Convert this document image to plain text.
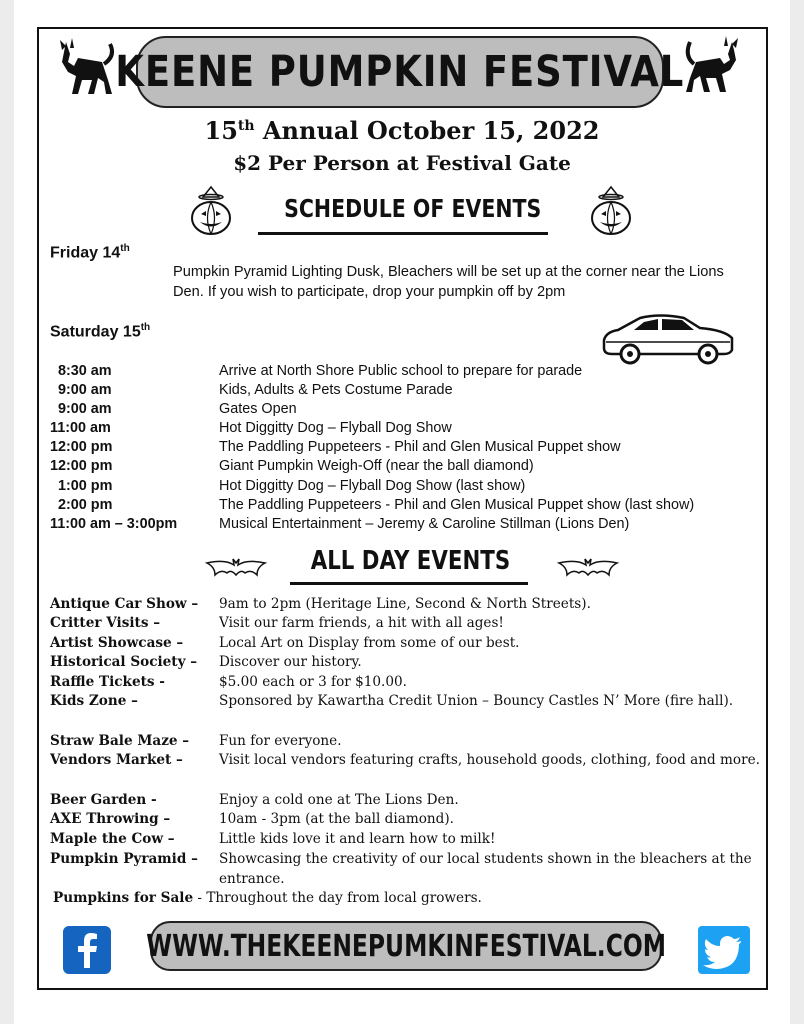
KEENE PUMPKIN FESTIVAL
15th Annual October 15, 2022
$2 Per Person at Festival Gate
SCHEDULE OF EVENTS
Friday 14th
Pumpkin Pyramid Lighting Dusk, Bleachers will be set up at the corner near the Lions Den. If you wish to participate, drop your pumpkin off by 2pm
Saturday 15th
8:30 am	Arrive at North Shore Public school to prepare for parade
9:00 am	Kids, Adults & Pets Costume Parade
9:00 am	Gates Open
11:00 am	Hot Diggitty Dog – Flyball Dog Show
12:00 pm	The Paddling Puppeteers - Phil and Glen Musical Puppet show
12:00 pm	Giant Pumpkin Weigh-Off (near the ball diamond)
1:00 pm	Hot Diggitty Dog – Flyball Dog Show (last show)
2:00 pm	The Paddling Puppeteers - Phil and Glen Musical Puppet show (last show)
11:00 am – 3:00pm	Musical Entertainment – Jeremy & Caroline Stillman (Lions Den)
ALL DAY EVENTS
Antique Car Show – 9am to 2pm (Heritage Line, Second & North Streets).
Critter Visits –	Visit our farm friends, a hit with all ages!
Artist Showcase –	Local Art on Display from some of our best.
Historical Society – Discover our history.
Raffle Tickets -	$5.00 each or 3 for $10.00.
Kids Zone –	Sponsored by Kawartha Credit Union – Bouncy Castles N’ More (fire hall).
Straw Bale Maze – Fun for everyone.
Vendors Market –	Visit local vendors featuring crafts, household goods, clothing, food and more.
Beer Garden -	Enjoy a cold one at The Lions Den.
AXE Throwing –	10am - 3pm (at the ball diamond).
Maple the Cow –	Little kids love it and learn how to milk!
Pumpkin Pyramid – Showcasing the creativity of our local students shown in the bleachers at the entrance.
Pumpkins for Sale - Throughout the day from local growers.
WWW.THEKEENEPUMKINFESTIVAL.COM
